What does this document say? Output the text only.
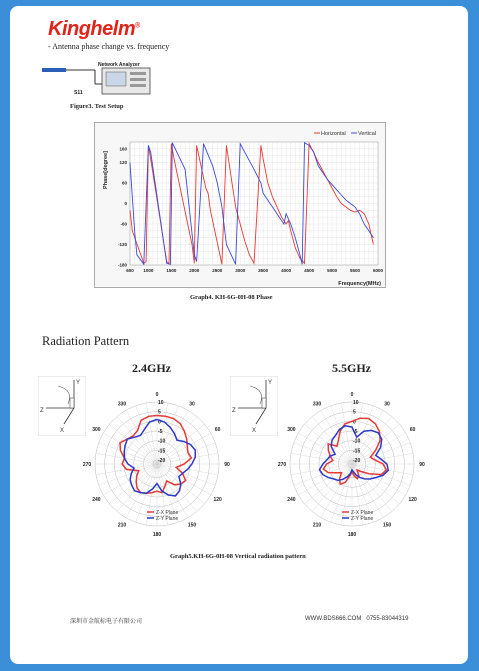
Kinghelm®
- Antenna phase change vs. frequency
Network Analyzer
S11
Figure3. Test Setup
600 1000	1500	2000	2500	3000	3500	4000	4500	5000	5500	6000
160
120
60
0
-60
-120
-180
Phase[degree]
Frequency(MHz)
Horizontal Vertical
Graph4. KH-6G-0H-08 Phase
Radiation Pattern
2.4GHz	5.5GHz
Y
Z
X
Y
Z
X
0
30
60
90
120
150
180
210
240
270
300
330	10
5
0
-5
-10
-15
-20
Z-X Plane
Z-Y Plane
0
30
60
90
120
150
180
210
240
270
300
330	10
5
0
-5
-10
-15
-20
Z-X Plane
Z-Y Plane
Graph5.KH-6G-0H-08 Vertical radiation pattern
深圳市金航标电子有限公司	WWW.BDS666.COM 0755-83044319
